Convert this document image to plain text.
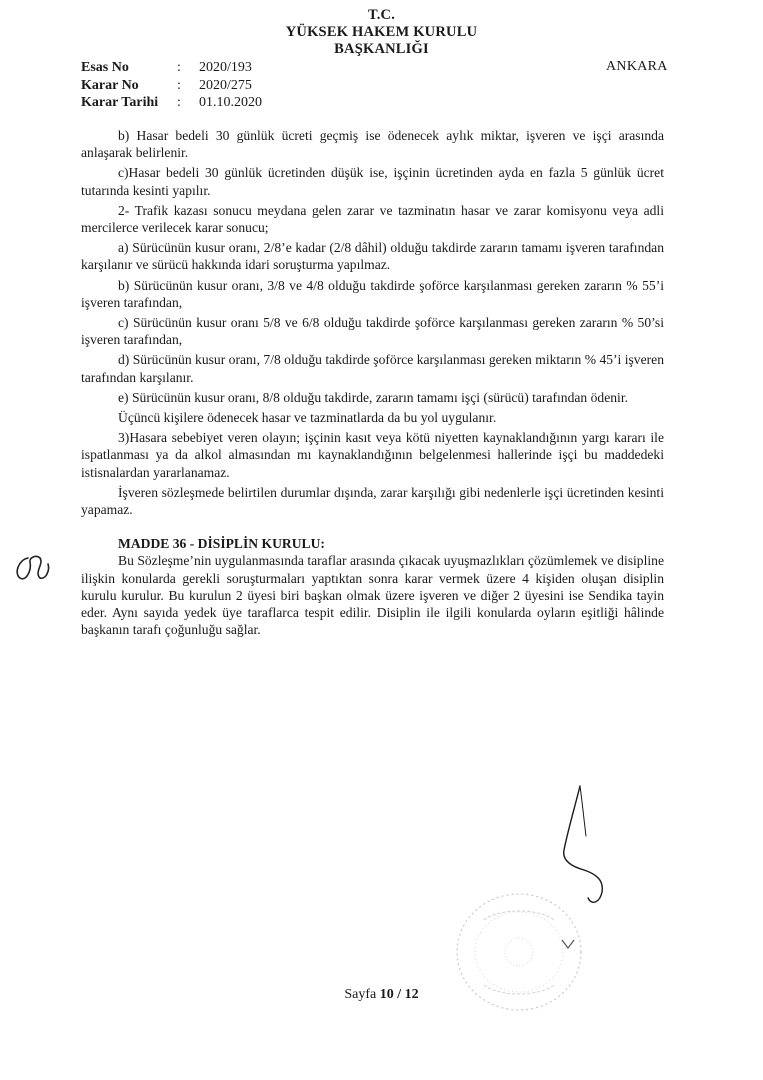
T.C.
YÜKSEK HAKEM KURULU
BAŞKANLIĞI
Esas No	:	2020/193
Karar No	:	2020/275
Karar Tarihi	:	01.10.2020
ANKARA

b) Hasar bedeli 30 günlük ücreti geçmiş ise ödenecek aylık miktar, işveren ve işçi arasında anlaşarak belirlenir.

c)Hasar bedeli 30 günlük ücretinden düşük ise, işçinin ücretinden ayda en fazla 5 günlük ücret tutarında kesinti yapılır.

2- Trafik kazası sonucu meydana gelen zarar ve tazminatın hasar ve zarar komisyonu veya adli mercilerce verilecek karar sonucu;

a) Sürücünün kusur oranı, 2/8’e kadar (2/8 dâhil) olduğu takdirde zararın tamamı işveren tarafından karşılanır ve sürücü hakkında idari soruşturma yapılmaz.

b) Sürücünün kusur oranı, 3/8 ve 4/8 olduğu takdirde şoförce karşılanması gereken zararın % 55’i işveren tarafından,

c) Sürücünün kusur oranı 5/8 ve 6/8 olduğu takdirde şoförce karşılanması gereken zararın % 50’si işveren tarafından,

d) Sürücünün kusur oranı, 7/8 olduğu takdirde şoförce karşılanması gereken miktarın % 45’i işveren tarafından karşılanır.

e) Sürücünün kusur oranı, 8/8 olduğu takdirde, zararın tamamı işçi (sürücü) tarafından ödenir.

Üçüncü kişilere ödenecek hasar ve tazminatlarda da bu yol uygulanır.

3)Hasara sebebiyet veren olayın; işçinin kasıt veya kötü niyetten kaynaklandığının yargı kararı ile ispatlanması ya da alkol almasından mı kaynaklandığının belgelenmesi hallerinde işçi bu maddedeki istisnalardan yararlanamaz.

İşveren sözleşmede belirtilen durumlar dışında, zarar karşılığı gibi nedenlerle işçi ücretinden kesinti yapamaz.

MADDE 36 - DİSİPLİN KURULU:

Bu Sözleşme’nin uygulanmasında taraflar arasında çıkacak uyuşmazlıkları çözümlemek ve disipline ilişkin konularda gerekli soruşturmaları yaptıktan sonra karar vermek üzere 4 kişiden oluşan disiplin kurulu kurulur. Bu kurulun 2 üyesi biri başkan olmak üzere işveren ve diğer 2 üyesini ise Sendika tayin eder. Aynı sayıda yedek üye taraflarca tespit edilir. Disiplin ile ilgili konularda oyların eşitliği hâlinde başkanın tarafı çoğunluğu sağlar.

Sayfa 10 / 12
